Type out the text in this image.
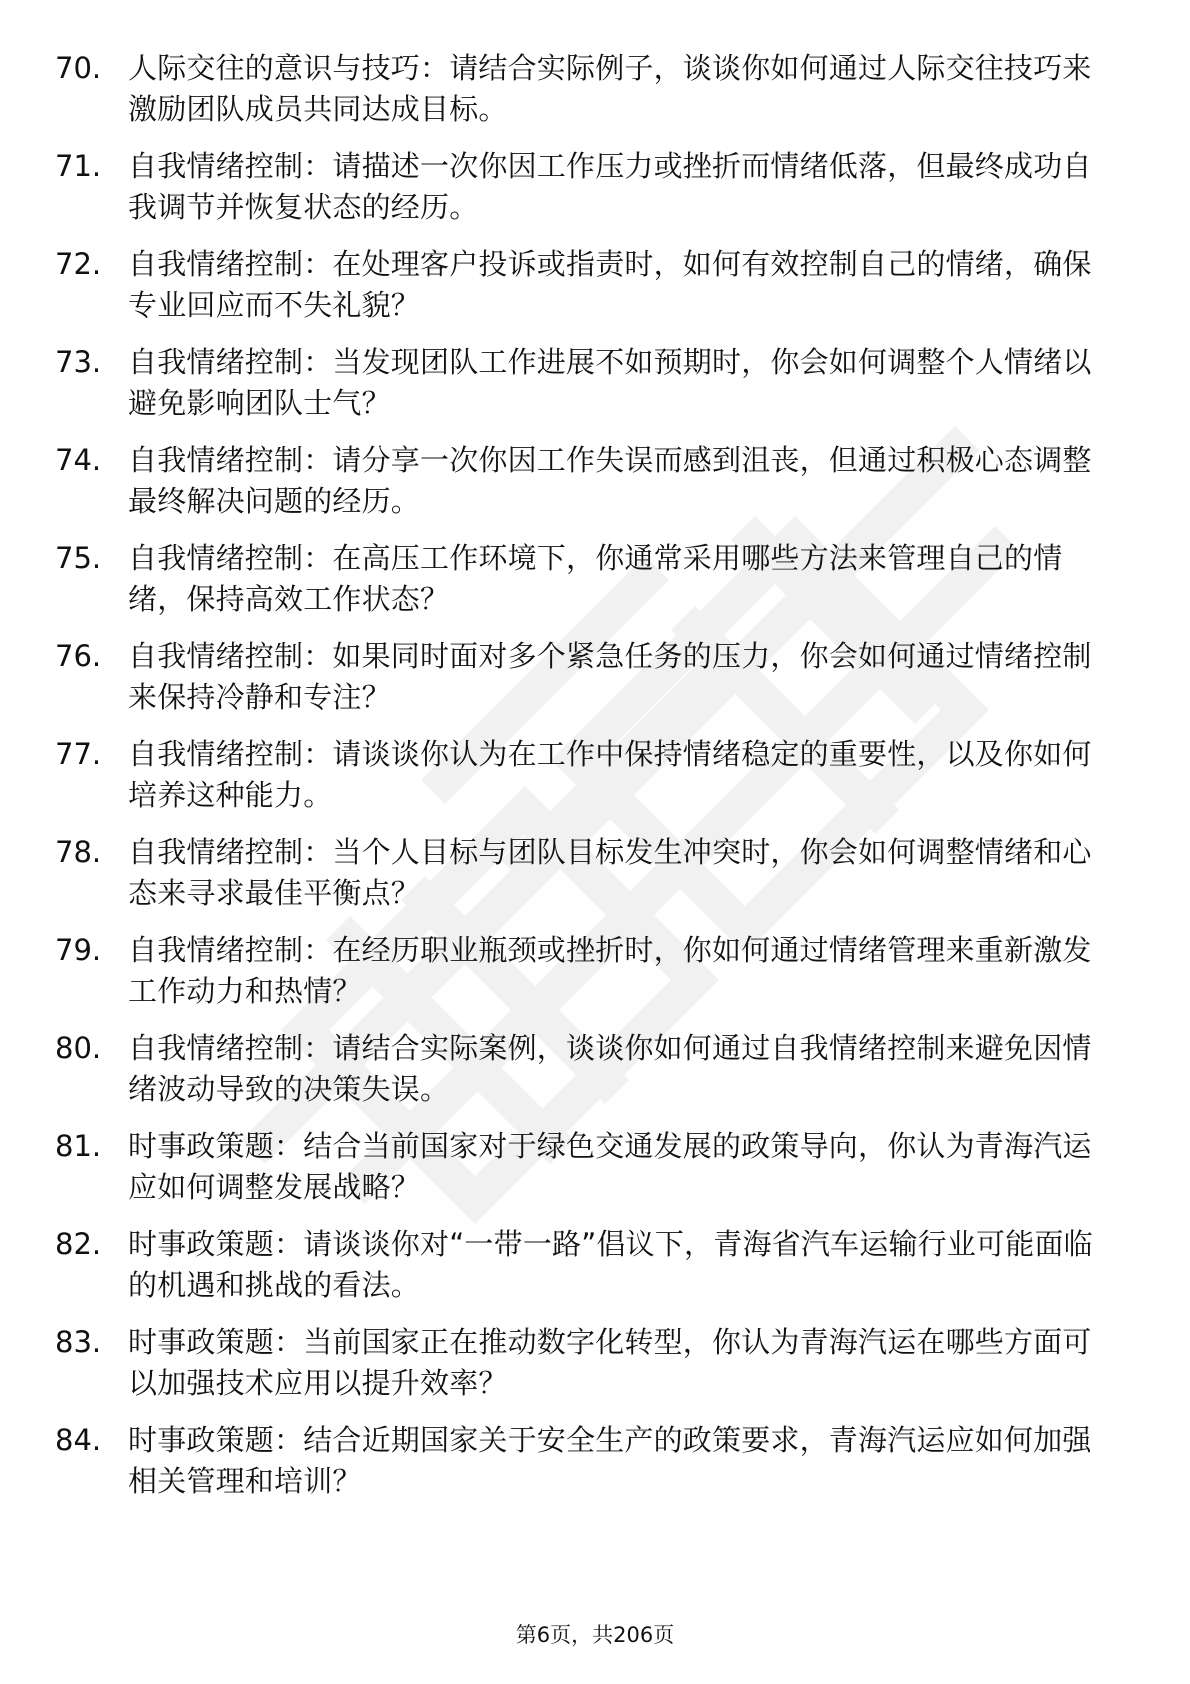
70. 人际交往的意识与技巧：请结合实际例子，谈谈你如何通过人际交往技巧来激励团队成员共同达成目标。
71. 自我情绪控制：请描述一次你因工作压力或挫折而情绪低落，但最终成功自我调节并恢复状态的经历。
72. 自我情绪控制：在处理客户投诉或指责时，如何有效控制自己的情绪，确保专业回应而不失礼貌？
73. 自我情绪控制：当发现团队工作进展不如预期时，你会如何调整个人情绪以避免影响团队士气？
74. 自我情绪控制：请分享一次你因工作失误而感到沮丧，但通过积极心态调整最终解决问题的经历。
75. 自我情绪控制：在高压工作环境下，你通常采用哪些方法来管理自己的情绪，保持高效工作状态？
76. 自我情绪控制：如果同时面对多个紧急任务的压力，你会如何通过情绪控制来保持冷静和专注？
77. 自我情绪控制：请谈谈你认为在工作中保持情绪稳定的重要性，以及你如何培养这种能力。
78. 自我情绪控制：当个人目标与团队目标发生冲突时，你会如何调整情绪和心态来寻求最佳平衡点？
79. 自我情绪控制：在经历职业瓶颈或挫折时，你如何通过情绪管理来重新激发工作动力和热情？
80. 自我情绪控制：请结合实际案例，谈谈你如何通过自我情绪控制来避免因情绪波动导致的决策失误。
81. 时事政策题：结合当前国家对于绿色交通发展的政策导向，你认为青海汽运应如何调整发展战略？
82. 时事政策题：请谈谈你对“一带一路”倡议下，青海省汽车运输行业可能面临的机遇和挑战的看法。
83. 时事政策题：当前国家正在推动数字化转型，你认为青海汽运在哪些方面可以加强技术应用以提升效率？
84. 时事政策题：结合近期国家关于安全生产的政策要求，青海汽运应如何加强相关管理和培训？
第6页，共206页
